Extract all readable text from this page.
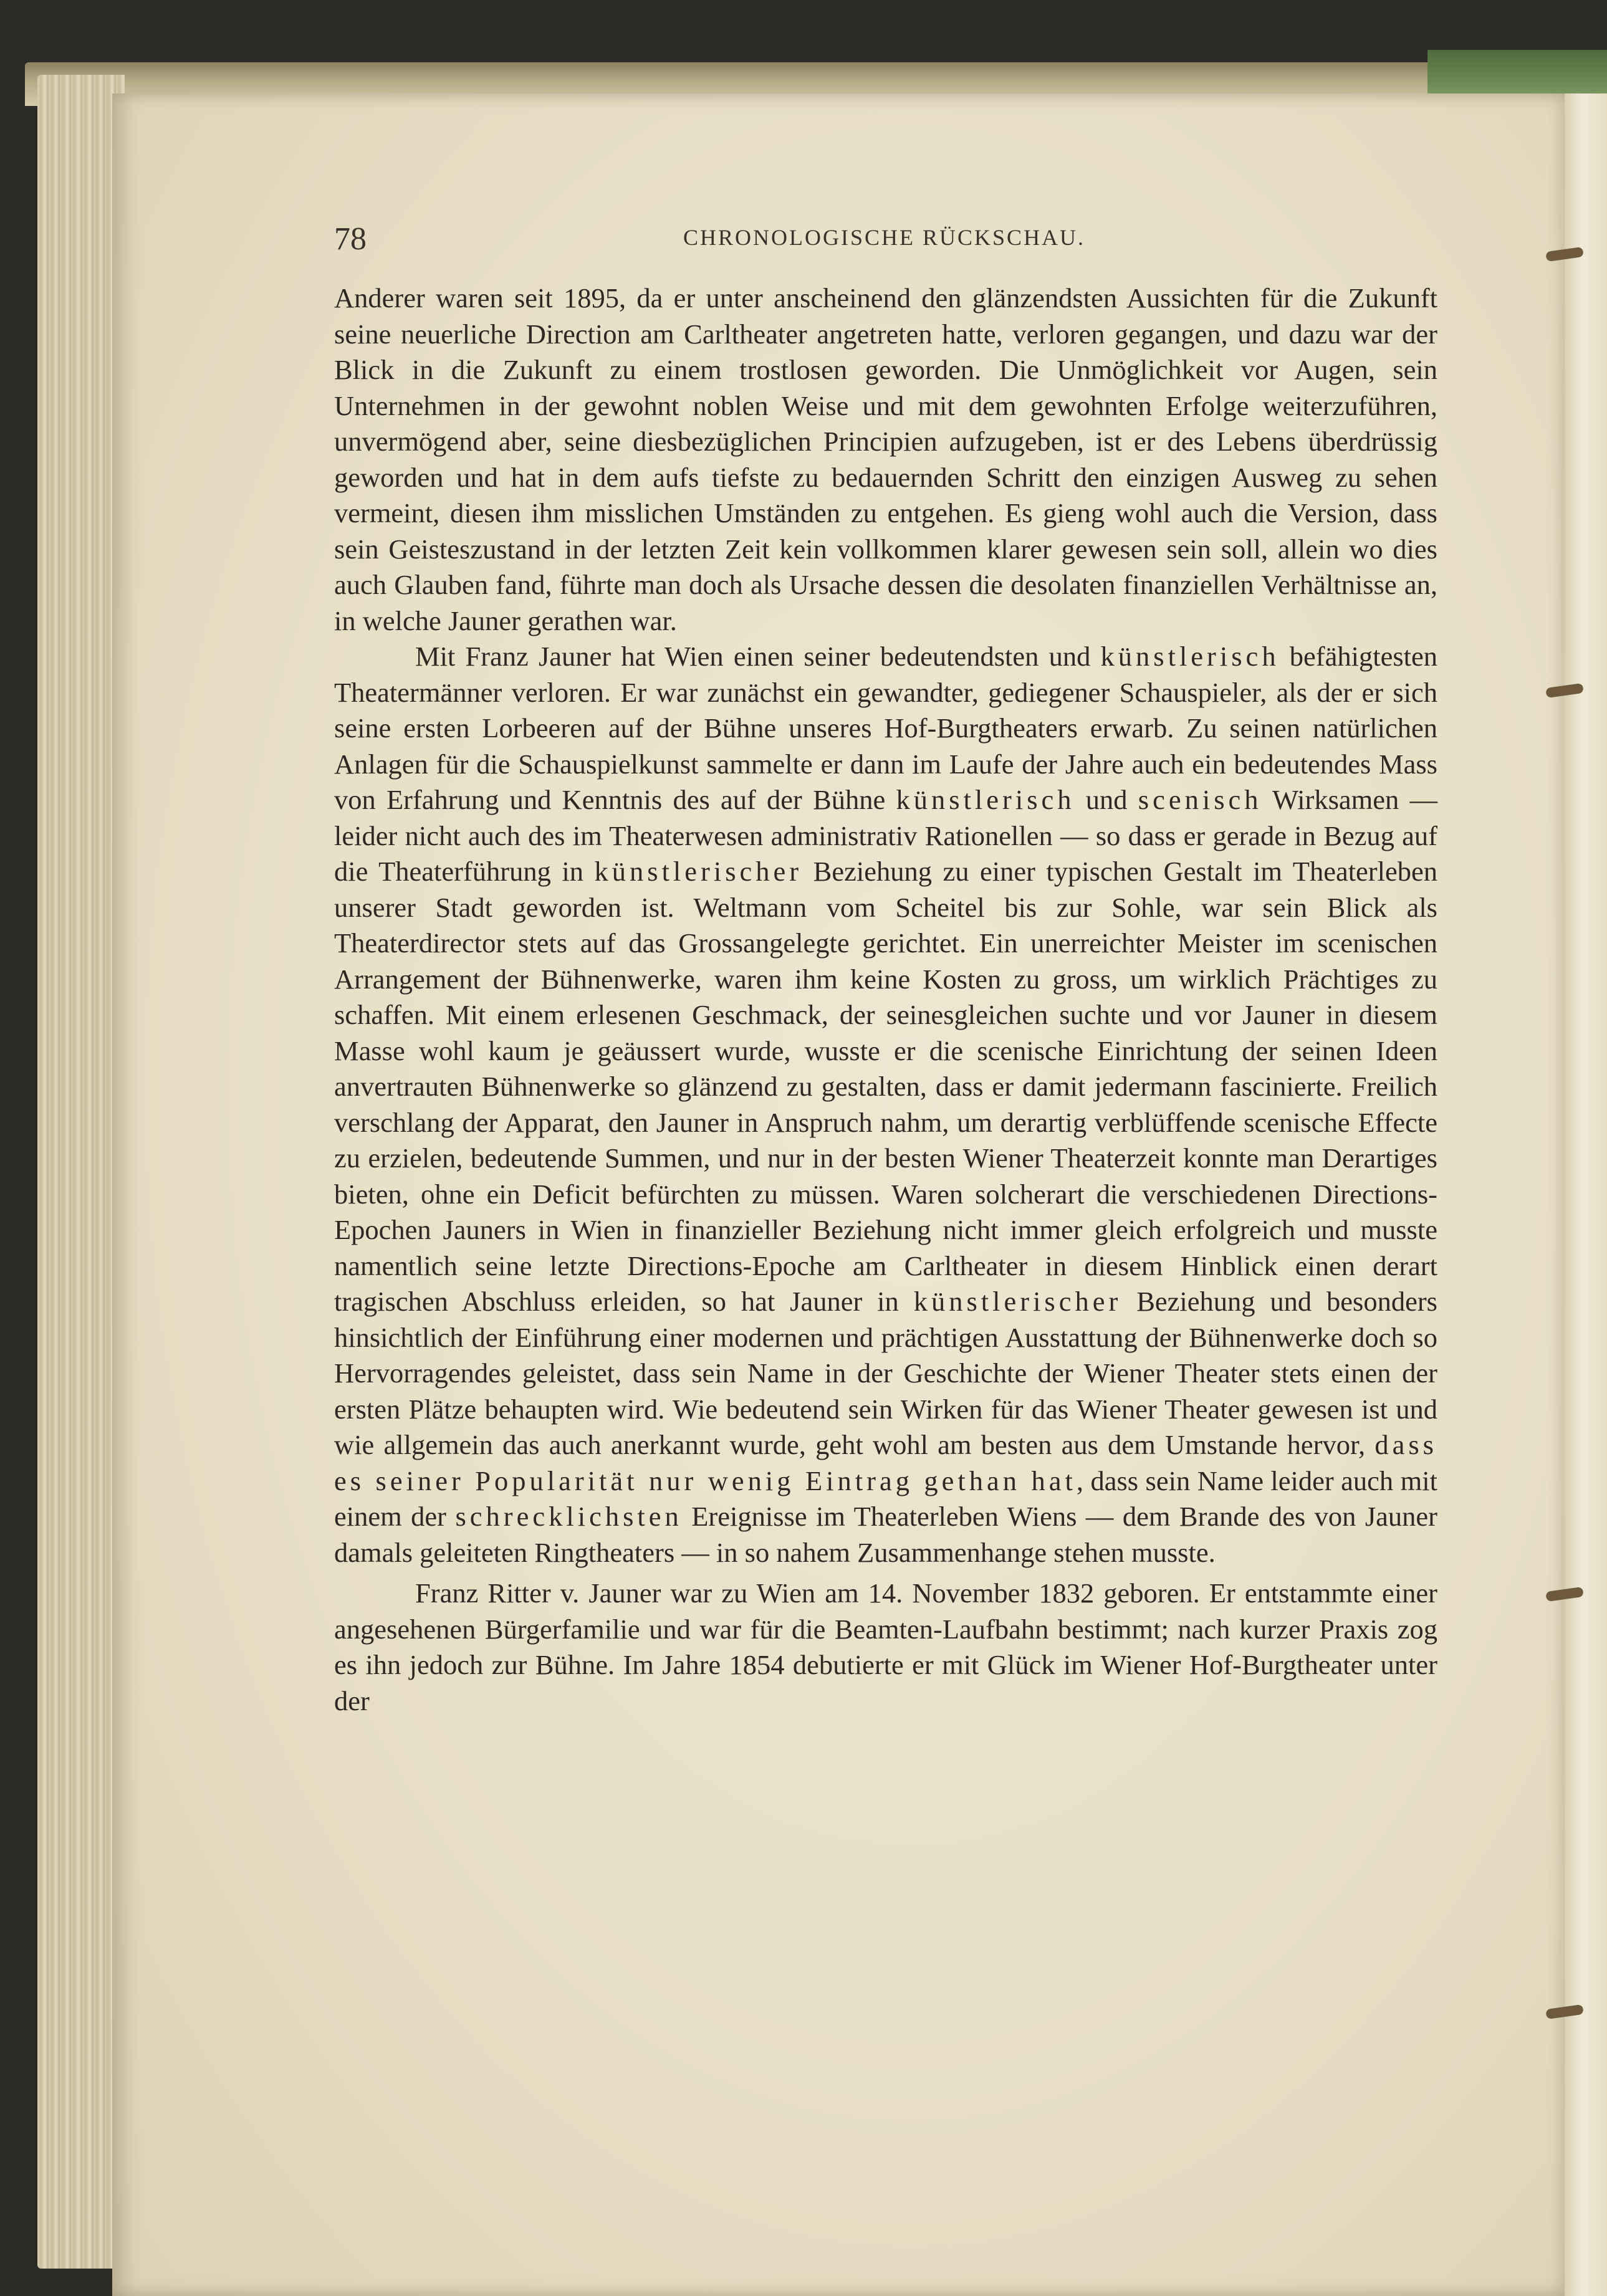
78	CHRONOLOGISCHE RÜCKSCHAU.

Anderer waren seit 1895, da er unter anscheinend den glänzendsten Aussichten für die Zukunft seine neuerliche Direction am Carltheater angetreten hatte, verloren gegangen, und dazu war der Blick in die Zukunft zu einem trostlosen geworden. Die Unmöglichkeit vor Augen, sein Unternehmen in der gewohnt noblen Weise und mit dem gewohnten Erfolge weiterzuführen, unvermögend aber, seine diesbezüglichen Principien aufzugeben, ist er des Lebens überdrüssig geworden und hat in dem aufs tiefste zu bedauernden Schritt den einzigen Ausweg zu sehen vermeint, diesen ihm misslichen Umständen zu entgehen. Es gieng wohl auch die Version, dass sein Geisteszustand in der letzten Zeit kein vollkommen klarer gewesen sein soll, allein wo dies auch Glauben fand, führte man doch als Ursache dessen die desolaten finanziellen Verhältnisse an, in welche Jauner gerathen war.

Mit Franz Jauner hat Wien einen seiner bedeutendsten und künstlerisch befähigtesten Theatermänner verloren. Er war zunächst ein gewandter, gediegener Schauspieler, als der er sich seine ersten Lorbeeren auf der Bühne unseres Hof-Burgtheaters erwarb. Zu seinen natürlichen Anlagen für die Schauspielkunst sammelte er dann im Laufe der Jahre auch ein bedeutendes Mass von Erfahrung und Kenntnis des auf der Bühne künstlerisch und scenisch Wirksamen — leider nicht auch des im Theaterwesen administrativ Rationellen — so dass er gerade in Bezug auf die Theaterführung in künstlerischer Beziehung zu einer typischen Gestalt im Theaterleben unserer Stadt geworden ist. Weltmann vom Scheitel bis zur Sohle, war sein Blick als Theaterdirector stets auf das Grossangelegte gerichtet. Ein unerreichter Meister im scenischen Arrangement der Bühnenwerke, waren ihm keine Kosten zu gross, um wirklich Prächtiges zu schaffen. Mit einem erlesenen Geschmack, der seinesgleichen suchte und vor Jauner in diesem Masse wohl kaum je geäussert wurde, wusste er die scenische Einrichtung der seinen Ideen anvertrauten Bühnenwerke so glänzend zu gestalten, dass er damit jedermann fascinierte. Freilich verschlang der Apparat, den Jauner in Anspruch nahm, um derartig verblüffende scenische Effecte zu erzielen, bedeutende Summen, und nur in der besten Wiener Theaterzeit konnte man Derartiges bieten, ohne ein Deficit befürchten zu müssen. Waren solcherart die verschiedenen Directions-Epochen Jauners in Wien in finanzieller Beziehung nicht immer gleich erfolgreich und musste namentlich seine letzte Directions-Epoche am Carltheater in diesem Hinblick einen derart tragischen Abschluss erleiden, so hat Jauner in künstlerischer Beziehung und besonders hinsichtlich der Einführung einer modernen und prächtigen Ausstattung der Bühnenwerke doch so Hervorragendes geleistet, dass sein Name in der Geschichte der Wiener Theater stets einen der ersten Plätze behaupten wird. Wie bedeutend sein Wirken für das Wiener Theater gewesen ist und wie allgemein das auch anerkannt wurde, geht wohl am besten aus dem Umstande hervor, dass es seiner Popularität nur wenig Eintrag gethan hat, dass sein Name leider auch mit einem der schrecklichsten Ereignisse im Theaterleben Wiens — dem Brande des von Jauner damals geleiteten Ringtheaters — in so nahem Zusammenhange stehen musste.

Franz Ritter v. Jauner war zu Wien am 14. November 1832 geboren. Er entstammte einer angesehenen Bürgerfamilie und war für die Beamten-Laufbahn bestimmt; nach kurzer Praxis zog es ihn jedoch zur Bühne. Im Jahre 1854 debutierte er mit Glück im Wiener Hof-Burgtheater unter der
